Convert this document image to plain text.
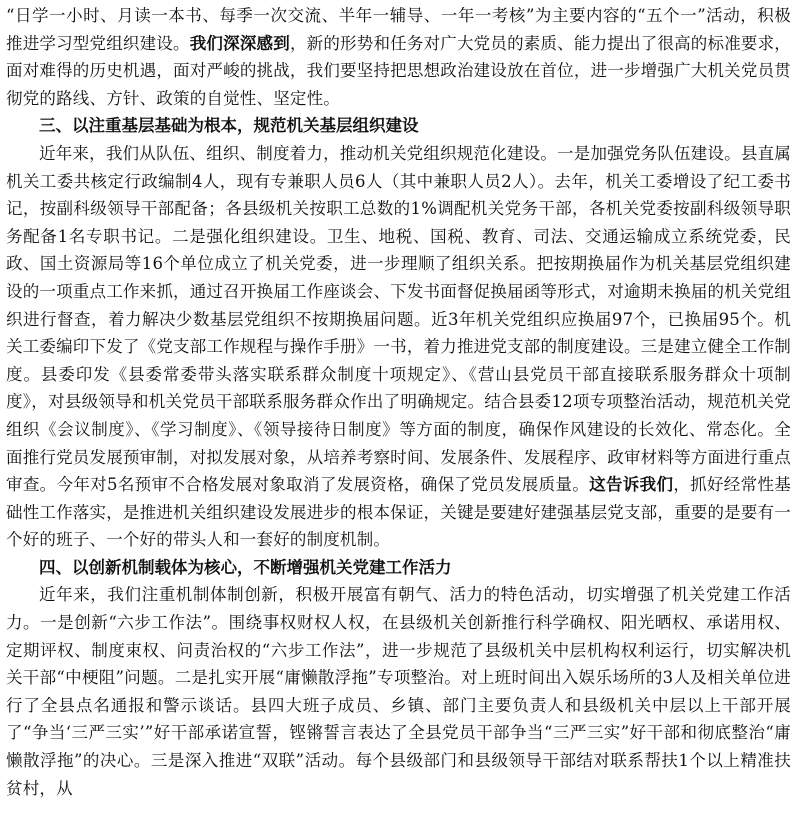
“日学一小时、月读一本书、每季一次交流、半年一辅导、一年一考核”为主要内容的“五个一”活动，积极推进学习型党组织建设。我们深深感到，新的形势和任务对广大党员的素质、能力提出了很高的标准要求，面对难得的历史机遇，面对严峻的挑战，我们要坚持把思想政治建设放在首位，进一步增强广大机关党员贯彻党的路线、方针、政策的自觉性、坚定性。

三、以注重基层基础为根本，规范机关基层组织建设

近年来，我们从队伍、组织、制度着力，推动机关党组织规范化建设。一是加强党务队伍建设。县直属机关工委共核定行政编制4人，现有专兼职人员6人（其中兼职人员2人）。去年，机关工委增设了纪工委书记，按副科级领导干部配备；各县级机关按职工总数的1%调配机关党务干部，各机关党委按副科级领导职务配备1名专职书记。二是强化组织建设。卫生、地税、国税、教育、司法、交通运输成立系统党委，民政、国土资源局等16个单位成立了机关党委，进一步理顺了组织关系。把按期换届作为机关基层党组织建设的一项重点工作来抓，通过召开换届工作座谈会、下发书面督促换届函等形式，对逾期未换届的机关党组织进行督查，着力解决少数基层党组织不按期换届问题。近3年机关党组织应换届97个，已换届95个。机关工委编印下发了《党支部工作规程与操作手册》一书，着力推进党支部的制度建设。三是建立健全工作制度。县委印发《县委常委带头落实联系群众制度十项规定》、《营山县党员干部直接联系服务群众十项制度》，对县级领导和机关党员干部联系服务群众作出了明确规定。结合县委12项专项整治活动，规范机关党组织《会议制度》、《学习制度》、《领导接待日制度》等方面的制度，确保作风建设的长效化、常态化。全面推行党员发展预审制，对拟发展对象，从培养考察时间、发展条件、发展程序、政审材料等方面进行重点审查。今年对5名预审不合格发展对象取消了发展资格，确保了党员发展质量。这告诉我们，抓好经常性基础性工作落实，是推进机关组织建设发展进步的根本保证，关键是要建好建强基层党支部，重要的是要有一个好的班子、一个好的带头人和一套好的制度机制。

四、以创新机制载体为核心，不断增强机关党建工作活力

近年来，我们注重机制体制创新，积极开展富有朝气、活力的特色活动，切实增强了机关党建工作活力。一是创新“六步工作法”。围绕事权财权人权，在县级机关创新推行科学确权、阳光晒权、承诺用权、定期评权、制度束权、问责治权的“六步工作法”，进一步规范了县级机关中层机构权利运行，切实解决机关干部“中梗阻”问题。二是扎实开展“庸懒散浮拖”专项整治。对上班时间出入娱乐场所的3人及相关单位进行了全县点名通报和警示谈话。县四大班子成员、乡镇、部门主要负责人和县级机关中层以上干部开展了“争当‘三严三实’”好干部承诺宣誓，铿锵誓言表达了全县党员干部争当“三严三实”好干部和彻底整治“庸懒散浮拖”的决心。三是深入推进“双联”活动。每个县级部门和县级领导干部结对联系帮扶1个以上精准扶贫村，从
